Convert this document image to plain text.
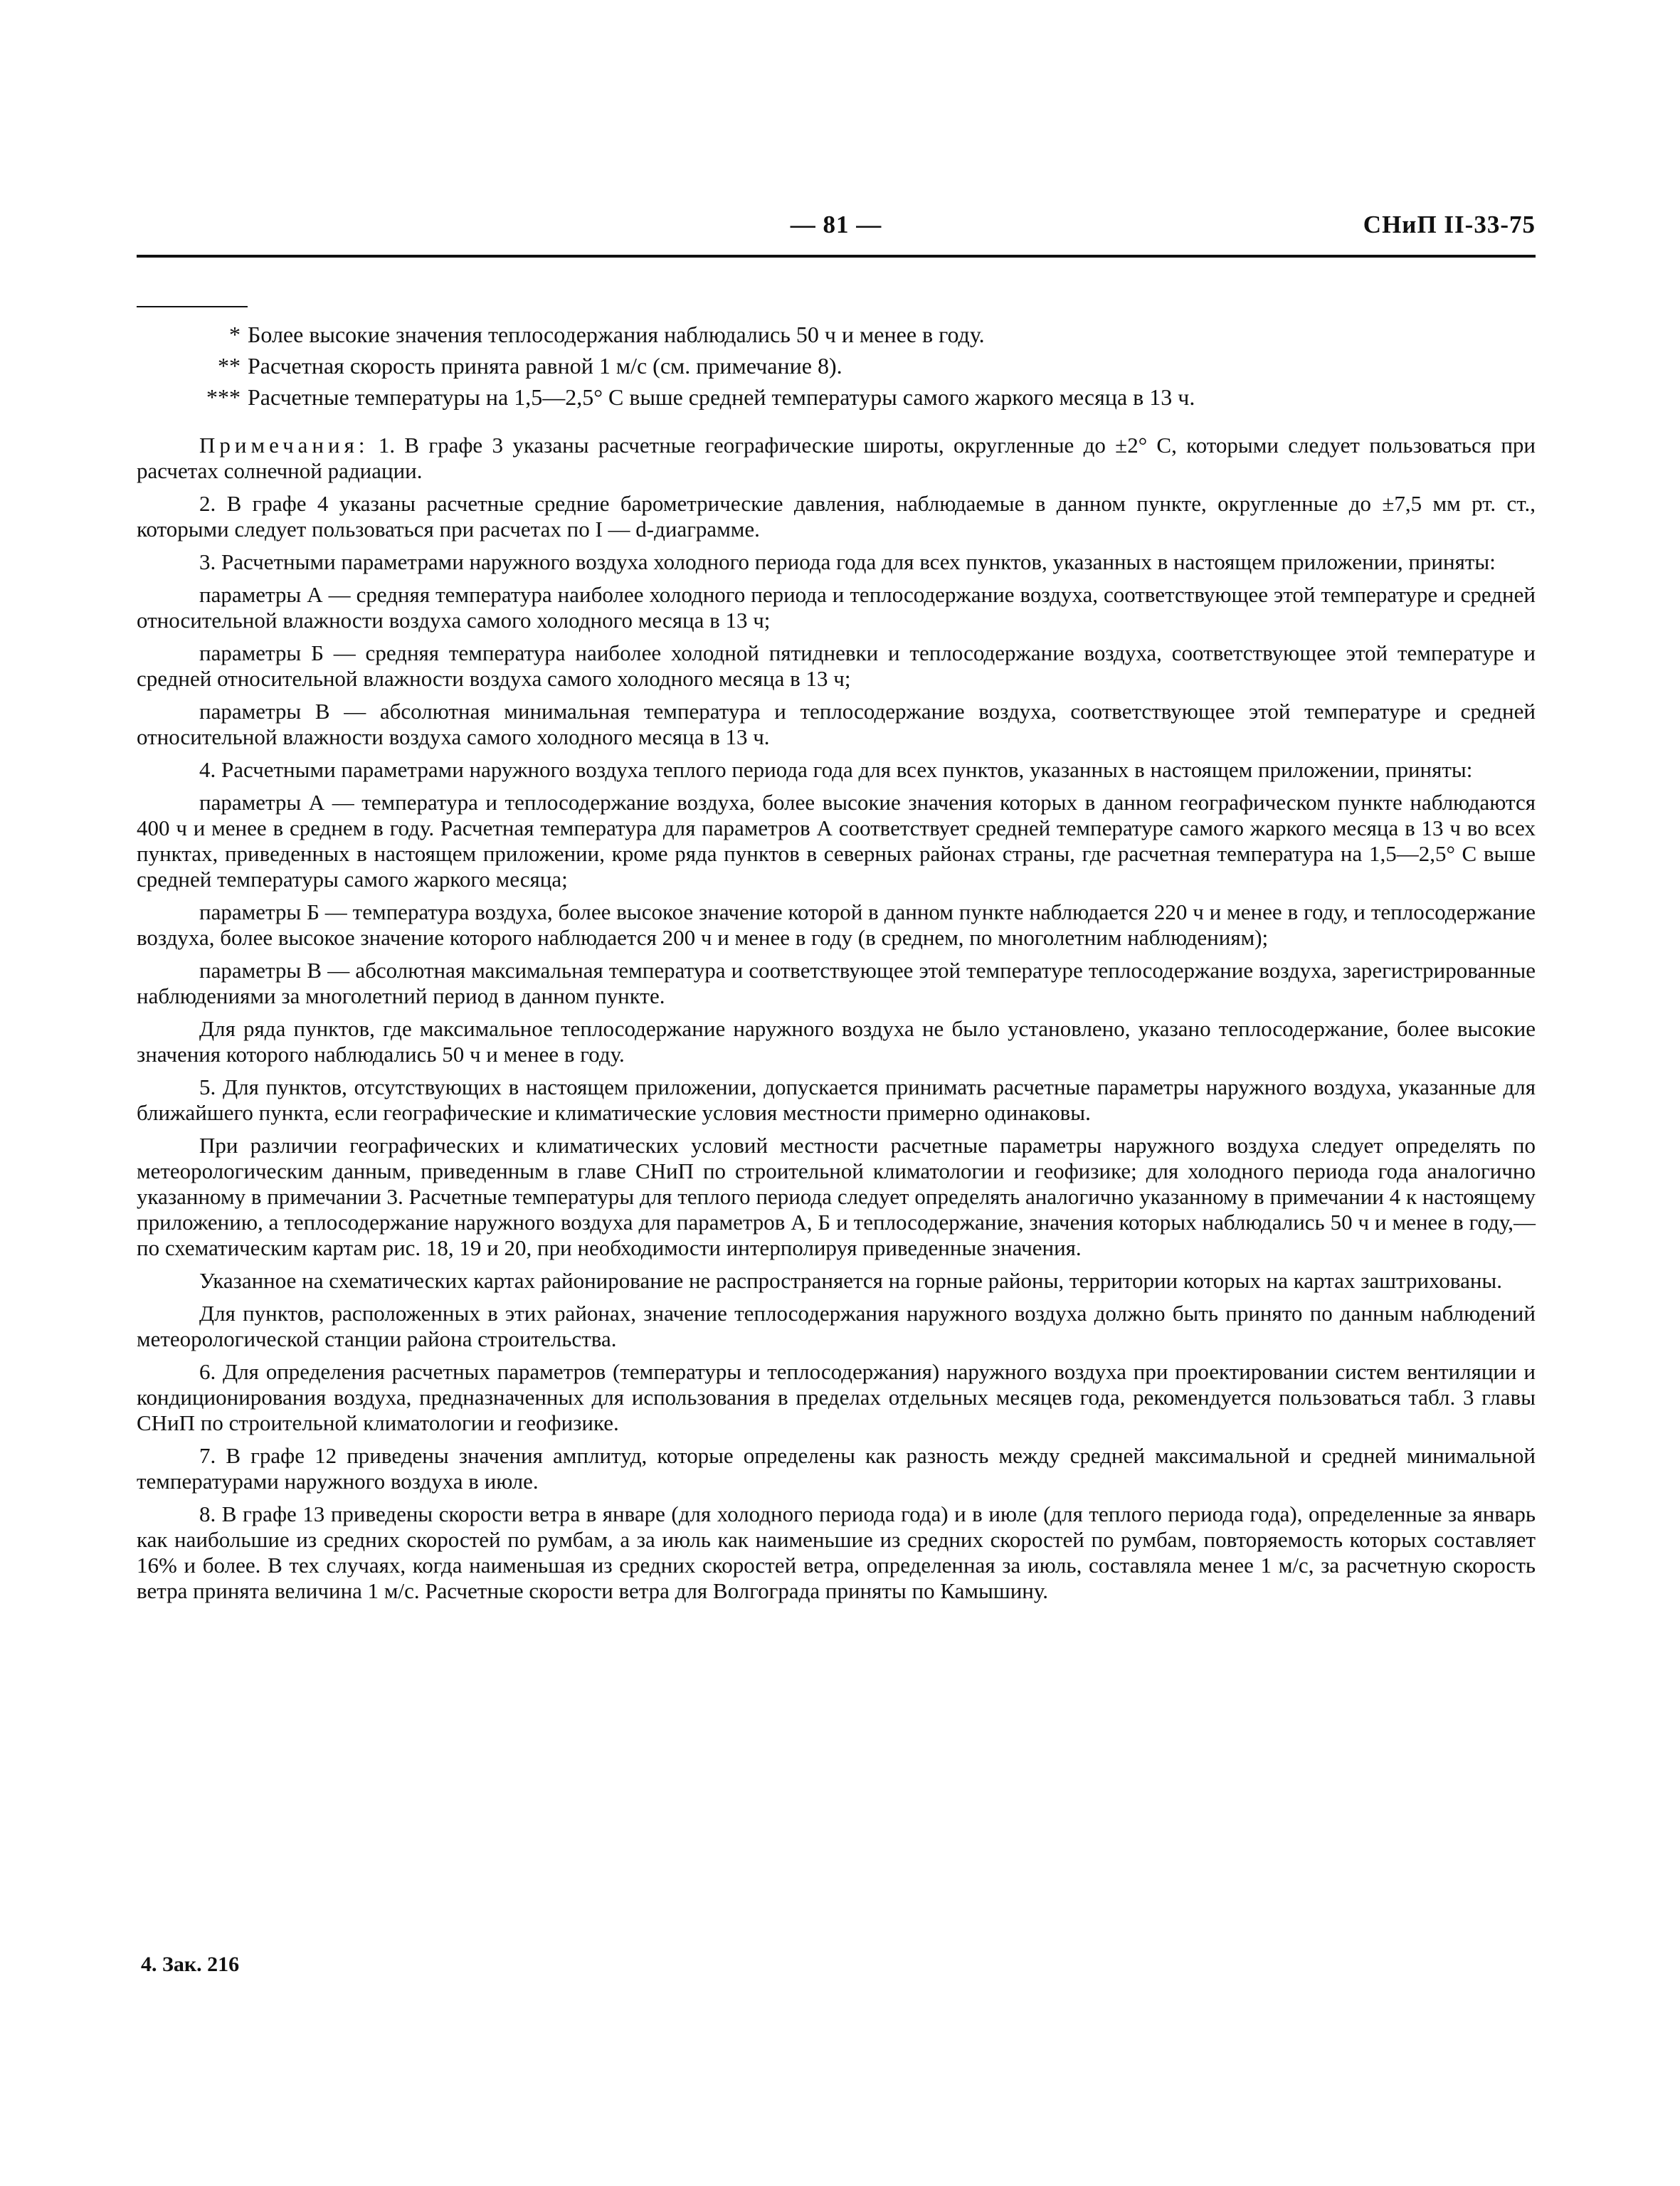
— 81 —	СНиП II-33-75
* Более высокие значения теплосодержания наблюдались 50 ч и менее в году.
** Расчетная скорость принята равной 1 м/с (см. примечание 8).
*** Расчетные температуры на 1,5—2,5° С выше средней температуры самого жаркого месяца в 13 ч.

Примечания: 1. В графе 3 указаны расчетные географические широты, округленные до ±2° С, которыми следует пользоваться при расчетах солнечной радиации.

2. В графе 4 указаны расчетные средние барометрические давления, наблюдаемые в данном пункте, округленные до ±7,5 мм рт. ст., которыми следует пользоваться при расчетах по I — d-диаграмме.

3. Расчетными параметрами наружного воздуха холодного периода года для всех пунктов, указанных в настоящем приложении, приняты:

параметры А — средняя температура наиболее холодного периода и теплосодержание воздуха, соответствующее этой температуре и средней относительной влажности воздуха самого холодного месяца в 13 ч;

параметры Б — средняя температура наиболее холодной пятидневки и теплосодержание воздуха, соответствующее этой температуре и средней относительной влажности воздуха самого холодного месяца в 13 ч;

параметры В — абсолютная минимальная температура и теплосодержание воздуха, соответствующее этой температуре и средней относительной влажности воздуха самого холодного месяца в 13 ч.

4. Расчетными параметрами наружного воздуха теплого периода года для всех пунктов, указанных в настоящем приложении, приняты:

параметры А — температура и теплосодержание воздуха, более высокие значения которых в данном географическом пункте наблюдаются 400 ч и менее в среднем в году. Расчетная температура для параметров А соответствует средней температуре самого жаркого месяца в 13 ч во всех пунктах, приведенных в настоящем приложении, кроме ряда пунктов в северных районах страны, где расчетная температура на 1,5—2,5° С выше средней температуры самого жаркого месяца;

параметры Б — температура воздуха, более высокое значение которой в данном пункте наблюдается 220 ч и менее в году, и теплосодержание воздуха, более высокое значение которого наблюдается 200 ч и менее в году (в среднем, по многолетним наблюдениям);

параметры В — абсолютная максимальная температура и соответствующее этой температуре теплосодержание воздуха, зарегистрированные наблюдениями за многолетний период в данном пункте.

Для ряда пунктов, где максимальное теплосодержание наружного воздуха не было установлено, указано теплосодержание, более высокие значения которого наблюдались 50 ч и менее в году.

5. Для пунктов, отсутствующих в настоящем приложении, допускается принимать расчетные параметры наружного воздуха, указанные для ближайшего пункта, если географические и климатические условия местности примерно одинаковы.

При различии географических и климатических условий местности расчетные параметры наружного воздуха следует определять по метеорологическим данным, приведенным в главе СНиП по строительной климатологии и геофизике; для холодного периода года аналогично указанному в примечании 3. Расчетные температуры для теплого периода следует определять аналогично указанному в примечании 4 к настоящему приложению, а теплосодержание наружного воздуха для параметров А, Б и теплосодержание, значения которых наблюдались 50 ч и менее в году,— по схематическим картам рис. 18, 19 и 20, при необходимости интерполируя приведенные значения.

Указанное на схематических картах районирование не распространяется на горные районы, территории которых на картах заштрихованы.

Для пунктов, расположенных в этих районах, значение теплосодержания наружного воздуха должно быть принято по данным наблюдений метеорологической станции района строительства.

6. Для определения расчетных параметров (температуры и теплосодержания) наружного воздуха при проектировании систем вентиляции и кондиционирования воздуха, предназначенных для использования в пределах отдельных месяцев года, рекомендуется пользоваться табл. 3 главы СНиП по строительной климатологии и геофизике.

7. В графе 12 приведены значения амплитуд, которые определены как разность между средней максимальной и средней минимальной температурами наружного воздуха в июле.

8. В графе 13 приведены скорости ветра в январе (для холодного периода года) и в июле (для теплого периода года), определенные за январь как наибольшие из средних скоростей по румбам, а за июль как наименьшие из средних скоростей по румбам, повторяемость которых составляет 16% и более. В тех случаях, когда наименьшая из средних скоростей ветра, определенная за июль, составляла менее 1 м/с, за расчетную скорость ветра принята величина 1 м/с. Расчетные скорости ветра для Волгограда приняты по Камышину.

4. Зак. 216
